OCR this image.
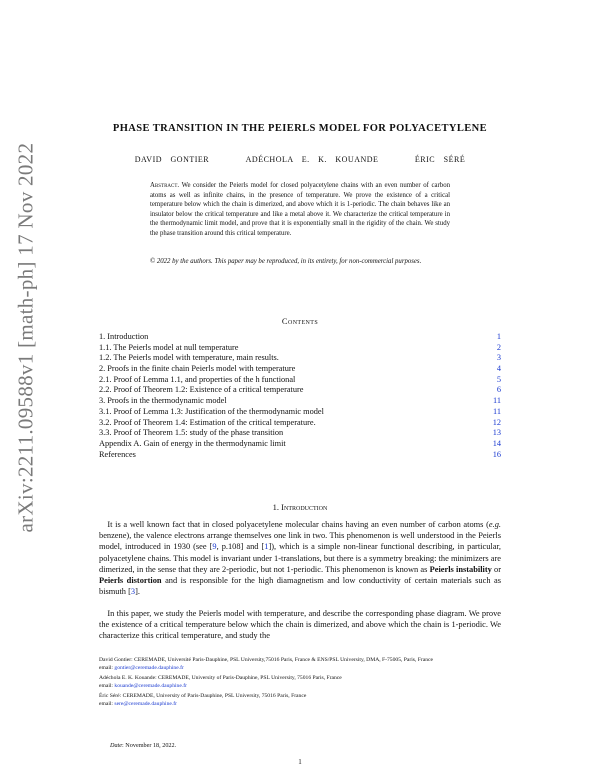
arXiv:2211.09588v1 [math-ph] 17 Nov 2022
PHASE TRANSITION IN THE PEIERLS MODEL FOR POLYACETYLENE
DAVID GONTIER	ADÉCHOLA E. K. KOUANDE	ÉRIC SÉRÉ
Abstract. We consider the Peierls model for closed polyacetylene chains with an even number of carbon atoms as well as infinite chains, in the presence of temperature. We prove the existence of a critical temperature below which the chain is dimerized, and above which it is 1-periodic. The chain behaves like an insulator below the critical temperature and like a metal above it. We characterize the critical temperature in the thermodynamic limit model, and prove that it is exponentially small in the rigidity of the chain. We study the phase transition around this critical temperature.
© 2022 by the authors. This paper may be reproduced, in its entirety, for non-commercial purposes.
Contents
1. Introduction	1
1.1. The Peierls model at null temperature	2
1.2. The Peierls model with temperature, main results.	3
2. Proofs in the finite chain Peierls model with temperature	4
2.1. Proof of Lemma 1.1, and properties of the h functional	5
2.2. Proof of Theorem 1.2: Existence of a critical temperature	6
3. Proofs in the thermodynamic model	11
3.1. Proof of Lemma 1.3: Justification of the thermodynamic model	11
3.2. Proof of Theorem 1.4: Estimation of the critical temperature.	12
3.3. Proof of Theorem 1.5: study of the phase transition	13
Appendix A. Gain of energy in the thermodynamic limit	14
References	16
1. Introduction
 It is a well known fact that in closed polyacetylene molecular chains having an even number of carbon atoms (e.g. benzene), the valence electrons arrange themselves one link in two. This phenomenon is well understood in the Peierls model, introduced in 1930 (see [9, p.108] and [1]), which is a simple non-linear functional describing, in particular, polyacetylene chains. This model is invariant under 1-translations, but there is a symmetry breaking: the minimizers are dimerized, in the sense that they are 2-periodic, but not 1-periodic. This phenomenon is known as Peierls instability or Peierls distortion and is responsible for the high diamagnetism and low conductivity of certain materials such as bismuth [3].
 In this paper, we study the Peierls model with temperature, and describe the corresponding phase diagram. We prove the existence of a critical temperature below which the chain is dimerized, and above which the chain is 1-periodic. We characterize this critical temperature, and study the
David Gontier: CEREMADE, Université Paris-Dauphine, PSL University,75016 Paris, France & ENS/PSL University, DMA, F-75005, Paris, France
email: gontier@ceremade.dauphine.fr
Adéchola E. K. Kouande: CEREMADE, University of Paris-Dauphine, PSL University, 75016 Paris, France
email: kouande@ceremade.dauphine.fr
Éric Séré: CEREMADE, University of Paris-Dauphine, PSL University, 75016 Paris, France
email: sere@ceremade.dauphine.fr
Date: November 18, 2022.
1
